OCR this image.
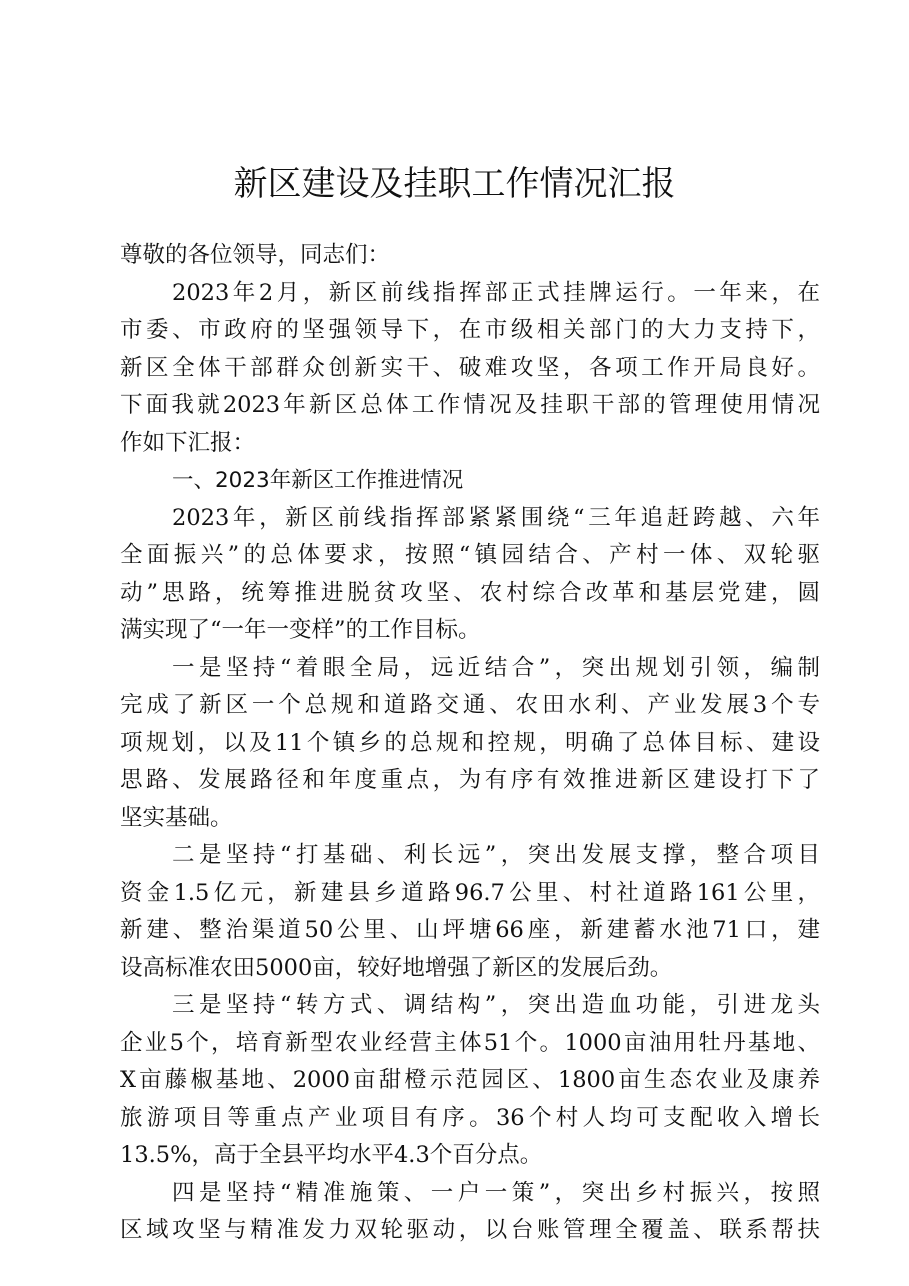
新区建设及挂职工作情况汇报
尊敬的各位领导，同志们：
2023年2月，新区前线指挥部正式挂牌运行。一年来，在
市委、市政府的坚强领导下，在市级相关部门的大力支持下，
新区全体干部群众创新实干、破难攻坚，各项工作开局良好。
下面我就2023年新区总体工作情况及挂职干部的管理使用情况
作如下汇报：
一、2023年新区工作推进情况
2023年，新区前线指挥部紧紧围绕“三年追赶跨越、六年
全面振兴”的总体要求，按照“镇园结合、产村一体、双轮驱
动”思路，统筹推进脱贫攻坚、农村综合改革和基层党建，圆
满实现了“一年一变样”的工作目标。
一是坚持“着眼全局，远近结合”，突出规划引领，编制
完成了新区一个总规和道路交通、农田水利、产业发展3个专
项规划，以及11个镇乡的总规和控规，明确了总体目标、建设
思路、发展路径和年度重点，为有序有效推进新区建设打下了
坚实基础。
二是坚持“打基础、利长远”，突出发展支撑，整合项目
资金1.5亿元，新建县乡道路96.7公里、村社道路161公里，
新建、整治渠道50公里、山坪塘66座，新建蓄水池71口，建
设高标准农田5000亩，较好地增强了新区的发展后劲。
三是坚持“转方式、调结构”，突出造血功能，引进龙头
企业5个，培育新型农业经营主体51个。1000亩油用牡丹基地、
X亩藤椒基地、2000亩甜橙示范园区、1800亩生态农业及康养
旅游项目等重点产业项目有序。36个村人均可支配收入增长
13.5%，高于全县平均水平4.3个百分点。
四是坚持“精准施策、一户一策”，突出乡村振兴，按照
区域攻坚与精准发力双轮驱动，以台账管理全覆盖、联系帮扶
